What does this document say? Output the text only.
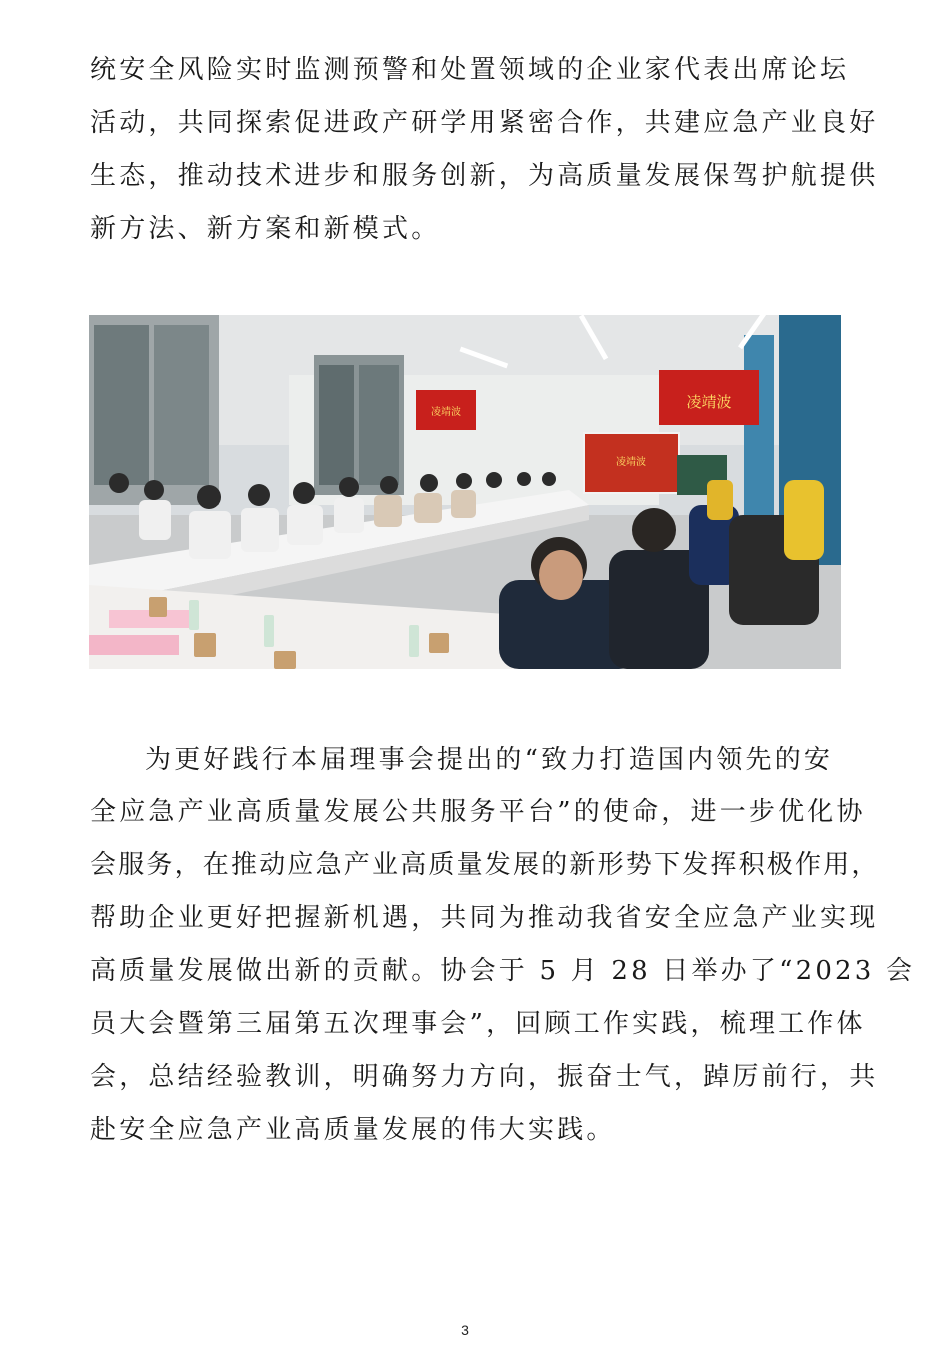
统安全风险实时监测预警和处置领域的企业家代表出席论坛
活动，共同探索促进政产研学用紧密合作，共建应急产业良好
生态，推动技术进步和服务创新，为高质量发展保驾护航提供
新方法、新方案和新模式。
凌靖波
凌靖波
凌靖波
为更好践行本届理事会提出的“致力打造国内领先的安
全应急产业高质量发展公共服务平台”的使命，进一步优化协
会服务，在推动应急产业高质量发展的新形势下发挥积极作用，
帮助企业更好把握新机遇，共同为推动我省安全应急产业实现
高质量发展做出新的贡献。协会于 5 月 28 日举办了“2023 会
员大会暨第三届第五次理事会”，回顾工作实践，梳理工作体
会，总结经验教训，明确努力方向，振奋士气，踔厉前行，共
赴安全应急产业高质量发展的伟大实践。
3
